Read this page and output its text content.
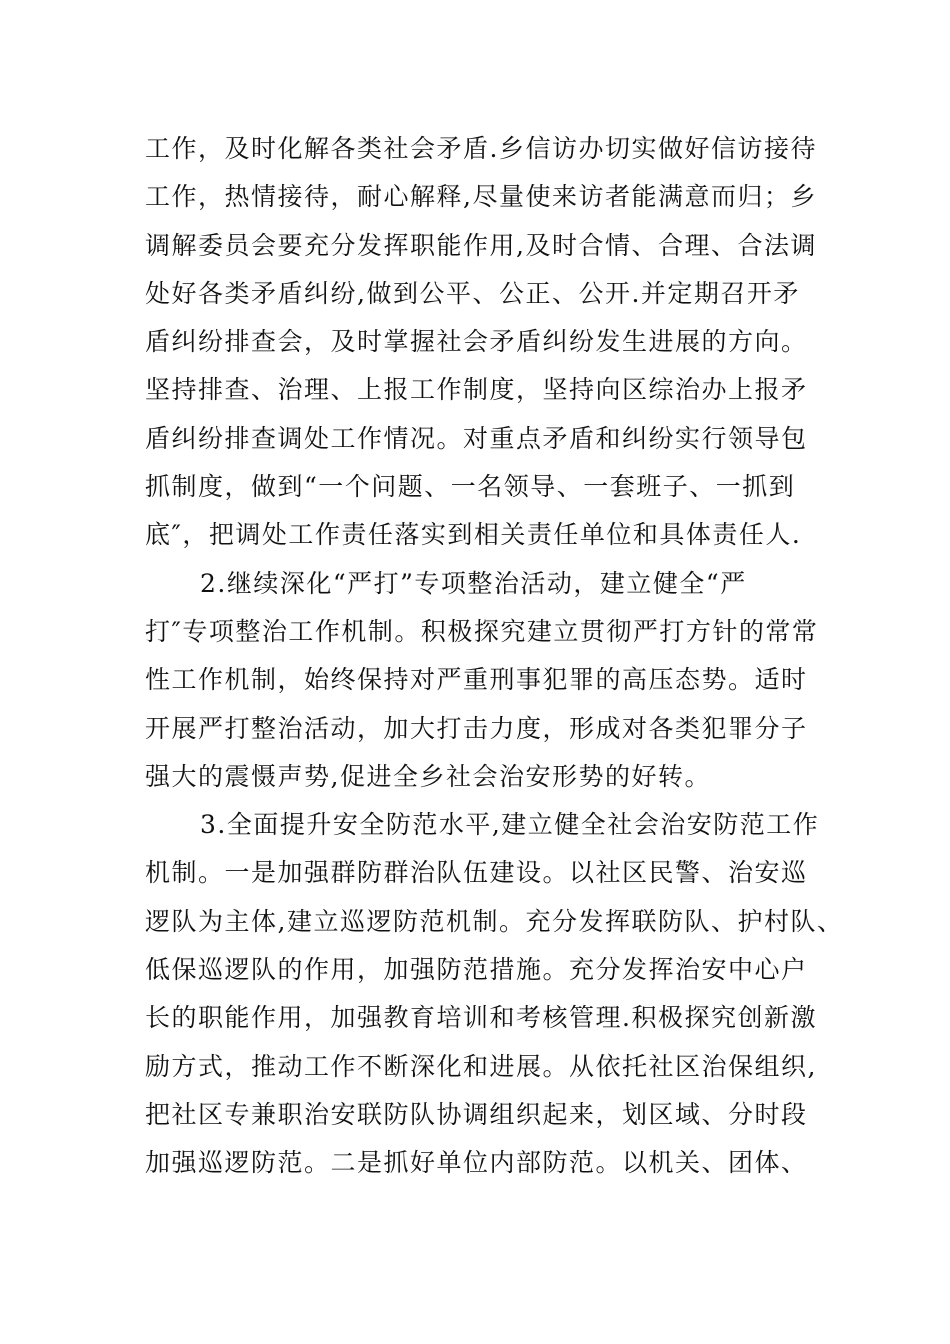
工作，及时化解各类社会矛盾.乡信访办切实做好信访接待
工作，热情接待，耐心解释,尽量使来访者能满意而归；乡
调解委员会要充分发挥职能作用,及时合情、合理、合法调
处好各类矛盾纠纷,做到公平、公正、公开.并定期召开矛
盾纠纷排查会，及时掌握社会矛盾纠纷发生进展的方向。
坚持排查、治理、上报工作制度，坚持向区综治办上报矛
盾纠纷排查调处工作情况。对重点矛盾和纠纷实行领导包
抓制度，做到“一个问题、一名领导、一套班子、一抓到
底″，把调处工作责任落实到相关责任单位和具体责任人.
2.继续深化“严打”专项整治活动，建立健全“严
打″专项整治工作机制。积极探究建立贯彻严打方针的常常
性工作机制，始终保持对严重刑事犯罪的高压态势。适时
开展严打整治活动，加大打击力度，形成对各类犯罪分子
强大的震慑声势,促进全乡社会治安形势的好转。
3.全面提升安全防范水平,建立健全社会治安防范工作
机制。一是加强群防群治队伍建设。以社区民警、治安巡
逻队为主体,建立巡逻防范机制。充分发挥联防队、护村队、
低保巡逻队的作用，加强防范措施。充分发挥治安中心户
长的职能作用，加强教育培训和考核管理.积极探究创新激
励方式，推动工作不断深化和进展。从依托社区治保组织,
把社区专兼职治安联防队协调组织起来，划区域、分时段
加强巡逻防范。二是抓好单位内部防范。以机关、团体、
